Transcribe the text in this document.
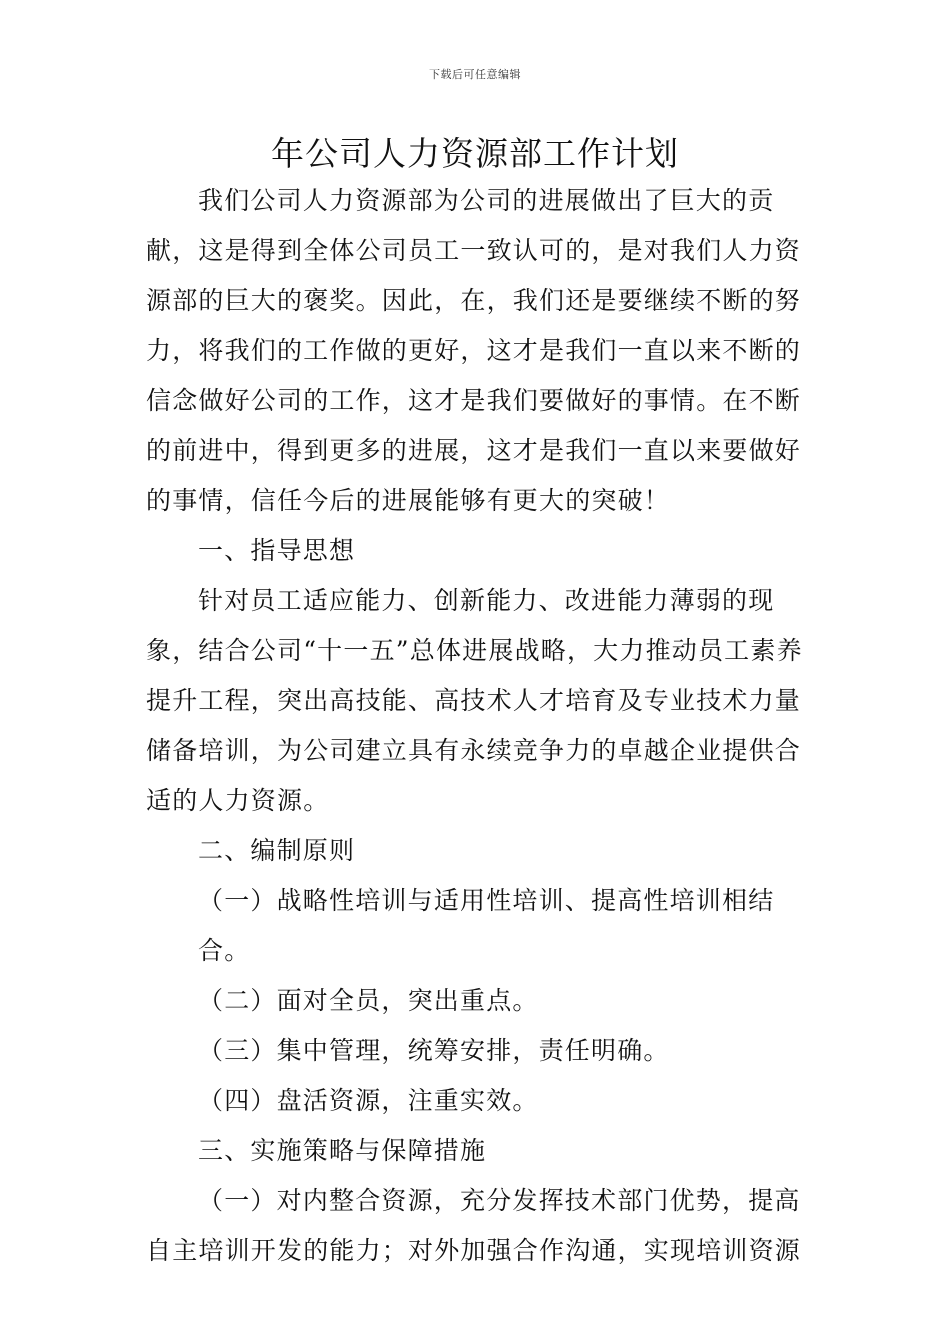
下载后可任意编辑
年公司人力资源部工作计划

我们公司人力资源部为公司的进展做出了巨大的贡献，这是得到全体公司员工一致认可的，是对我们人力资源部的巨大的褒奖。因此，在，我们还是要继续不断的努力，将我们的工作做的更好，这才是我们一直以来不断的信念做好公司的工作，这才是我们要做好的事情。在不断的前进中，得到更多的进展，这才是我们一直以来要做好的事情，信任今后的进展能够有更大的突破！

一、指导思想

针对员工适应能力、创新能力、改进能力薄弱的现象，结合公司“十一五”总体进展战略，大力推动员工素养提升工程，突出高技能、高技术人才培育及专业技术力量储备培训，为公司建立具有永续竞争力的卓越企业提供合适的人力资源。

二、编制原则

（一）战略性培训与适用性培训、提高性培训相结合。

（二）面对全员，突出重点。

（三）集中管理，统筹安排，责任明确。

（四）盘活资源，注重实效。

三、实施策略与保障措施

（一）对内整合资源，充分发挥技术部门优势，提高自主培训开发的能力；对外加强合作沟通，实现培训资源
